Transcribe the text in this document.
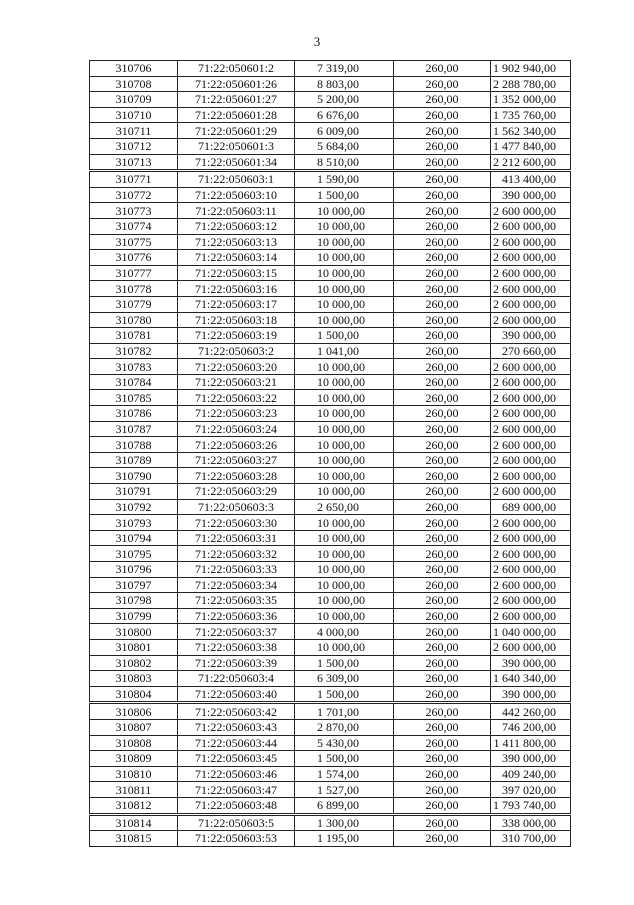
3
310706	71:22:050601:2	7 319,00	260,00	1 902 940,00
310708	71:22:050601:26	8 803,00	260,00	2 288 780,00
310709	71:22:050601:27	5 200,00	260,00	1 352 000,00
310710	71:22:050601:28	6 676,00	260,00	1 735 760,00
310711	71:22:050601:29	6 009,00	260,00	1 562 340,00
310712	71:22:050601:3	5 684,00	260,00	1 477 840,00
310713	71:22:050601:34	8 510,00	260,00	2 212 600,00
310771	71:22:050603:1	1 590,00	260,00	413 400,00
310772	71:22:050603:10	1 500,00	260,00	390 000,00
310773	71:22:050603:11	10 000,00	260,00	2 600 000,00
310774	71:22:050603:12	10 000,00	260,00	2 600 000,00
310775	71:22:050603:13	10 000,00	260,00	2 600 000,00
310776	71:22:050603:14	10 000,00	260,00	2 600 000,00
310777	71:22:050603:15	10 000,00	260,00	2 600 000,00
310778	71:22:050603:16	10 000,00	260,00	2 600 000,00
310779	71:22:050603:17	10 000,00	260,00	2 600 000,00
310780	71:22:050603:18	10 000,00	260,00	2 600 000,00
310781	71:22:050603:19	1 500,00	260,00	390 000,00
310782	71:22:050603:2	1 041,00	260,00	270 660,00
310783	71:22:050603:20	10 000,00	260,00	2 600 000,00
310784	71:22:050603:21	10 000,00	260,00	2 600 000,00
310785	71:22:050603:22	10 000,00	260,00	2 600 000,00
310786	71:22:050603:23	10 000,00	260,00	2 600 000,00
310787	71:22:050603:24	10 000,00	260,00	2 600 000,00
310788	71:22:050603:26	10 000,00	260,00	2 600 000,00
310789	71:22:050603:27	10 000,00	260,00	2 600 000,00
310790	71:22:050603:28	10 000,00	260,00	2 600 000,00
310791	71:22:050603:29	10 000,00	260,00	2 600 000,00
310792	71:22:050603:3	2 650,00	260,00	689 000,00
310793	71:22:050603:30	10 000,00	260,00	2 600 000,00
310794	71:22:050603:31	10 000,00	260,00	2 600 000,00
310795	71:22:050603:32	10 000,00	260,00	2 600 000,00
310796	71:22:050603:33	10 000,00	260,00	2 600 000,00
310797	71:22:050603:34	10 000,00	260,00	2 600 000,00
310798	71:22:050603:35	10 000,00	260,00	2 600 000,00
310799	71:22:050603:36	10 000,00	260,00	2 600 000,00
310800	71:22:050603:37	4 000,00	260,00	1 040 000,00
310801	71:22:050603:38	10 000,00	260,00	2 600 000,00
310802	71:22:050603:39	1 500,00	260,00	390 000,00
310803	71:22:050603:4	6 309,00	260,00	1 640 340,00
310804	71:22:050603:40	1 500,00	260,00	390 000,00
310806	71:22:050603:42	1 701,00	260,00	442 260,00
310807	71:22:050603:43	2 870,00	260,00	746 200,00
310808	71:22:050603:44	5 430,00	260,00	1 411 800,00
310809	71:22:050603:45	1 500,00	260,00	390 000,00
310810	71:22:050603:46	1 574,00	260,00	409 240,00
310811	71:22:050603:47	1 527,00	260,00	397 020,00
310812	71:22:050603:48	6 899,00	260,00	1 793 740,00
310814	71:22:050603:5	1 300,00	260,00	338 000,00
310815	71:22:050603:53	1 195,00	260,00	310 700,00
